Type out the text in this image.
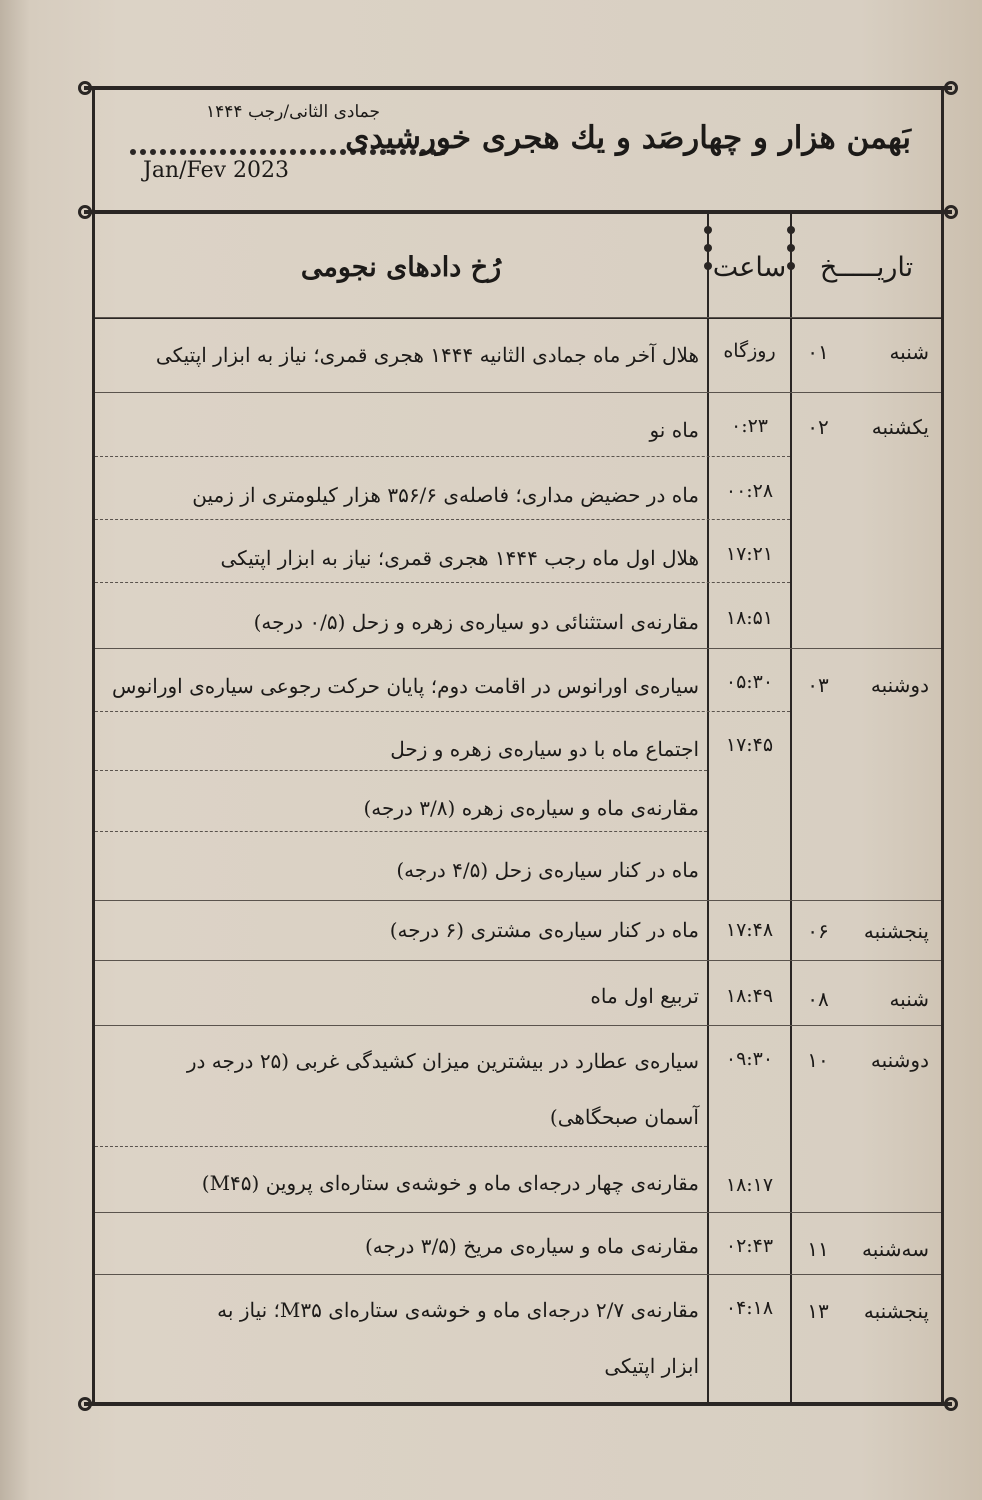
جمادی الثانی/رجب ۱۴۴۴
Jan/Fev 2023
بَهمن هزار و چهارصَد و یك هجری خورشیدی
رُخ دادهای نجومی	ساعت	تاریـــــخ
شنبه
۰۱
روزگاه
هلال آخر ماه جمادی الثانیه ۱۴۴۴ هجری قمری؛ نیاز به ابزار اپتیکی
یکشنبه
۰۲
۰:۲۳
ماه نو
۰۰:۲۸
ماه در حضیض مداری؛ فاصله‌ی ۳۵۶/۶ هزار کیلومتری از زمین
۱۷:۲۱
هلال اول ماه رجب ۱۴۴۴ هجری قمری؛ نیاز به ابزار اپتیکی
۱۸:۵۱
مقارنه‌ی استثنائی دو سیاره‌ی زهره و زحل (۰/۵ درجه)
دوشنبه
۰۳
۰۵:۳۰
سیاره‌ی اورانوس در اقامت دوم؛ پایان حرکت رجوعی سیاره‌ی اورانوس
۱۷:۴۵
اجتماع ماه با دو سیاره‌ی زهره و زحل
مقارنه‌ی ماه و سیاره‌ی زهره (۳/۸ درجه)
ماه در کنار سیاره‌ی زحل (۴/۵ درجه)
پنجشنبه
۰۶
۱۷:۴۸
ماه در کنار سیاره‌ی مشتری (۶ درجه)
شنبه
۰۸
۱۸:۴۹
تربیع اول ماه
دوشنبه
۱۰
۰۹:۳۰
سیاره‌ی عطارد در بیشترین میزان کشیدگی غربی (۲۵ درجه در
آسمان صبحگاهی)
۱۸:۱۷
مقارنه‌ی چهار درجه‌ای ماه و خوشه‌ی ستاره‌ای پروین (M۴۵)
سه‌شنبه
۱۱
۰۲:۴۳
مقارنه‌ی ماه و سیاره‌ی مریخ (۳/۵ درجه)
پنجشنبه
۱۳
۰۴:۱۸
مقارنه‌ی ۲/۷ درجه‌ای ماه و خوشه‌ی ستاره‌ای M۳۵؛ نیاز به
ابزار اپتیکی
